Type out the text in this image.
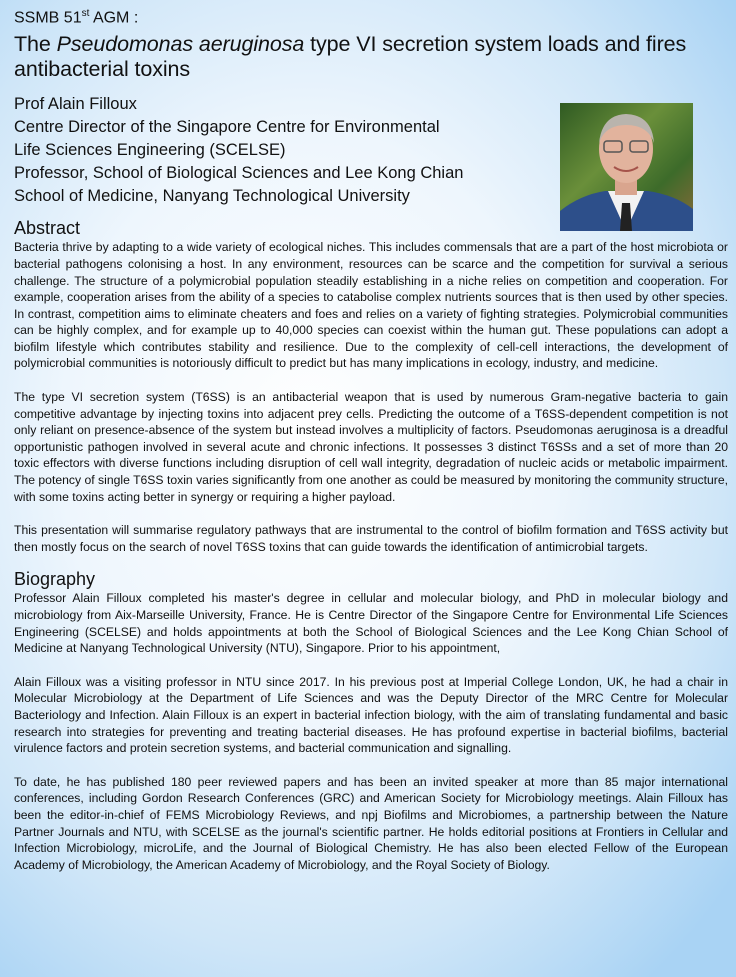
SSMB 51st AGM :
The Pseudomonas aeruginosa type VI secretion system loads and fires antibacterial toxins
Prof Alain Filloux
Centre Director of the Singapore Centre for Environmental
Life Sciences Engineering (SCELSE)
Professor, School of Biological Sciences and Lee Kong Chian
School of Medicine, Nanyang Technological University
Abstract

Bacteria thrive by adapting to a wide variety of ecological niches. This includes commensals that are a part of the host microbiota or bacterial pathogens colonising a host. In any environment, resources can be scarce and the competition for survival a serious challenge. The structure of a polymicrobial population steadily establishing in a niche relies on competition and cooperation. For example, cooperation arises from the ability of a species to catabolise complex nutrients sources that is then used by other species. In contrast, competition aims to eliminate cheaters and foes and relies on a variety of fighting strategies. Polymicrobial communities can be highly complex, and for example up to 40,000 species can coexist within the human gut. These populations can adopt a biofilm lifestyle which contributes stability and resilience. Due to the complexity of cell-cell interactions, the development of polymicrobial communities is notoriously difficult to predict but has many implications in ecology, industry, and medicine.

The type VI secretion system (T6SS) is an antibacterial weapon that is used by numerous Gram-negative bacteria to gain competitive advantage by injecting toxins into adjacent prey cells. Predicting the outcome of a T6SS-dependent competition is not only reliant on presence-absence of the system but instead involves a multiplicity of factors. Pseudomonas aeruginosa is a dreadful opportunistic pathogen involved in several acute and chronic infections. It possesses 3 distinct T6SSs and a set of more than 20 toxic effectors with diverse functions including disruption of cell wall integrity, degradation of nucleic acids or metabolic impairment. The potency of single T6SS toxin varies significantly from one another as could be measured by monitoring the community structure, with some toxins acting better in synergy or requiring a higher payload.

This presentation will summarise regulatory pathways that are instrumental to the control of biofilm formation and T6SS activity but then mostly focus on the search of novel T6SS toxins that can guide towards the identification of antimicrobial targets.

Biography

Professor Alain Filloux completed his master's degree in cellular and molecular biology, and PhD in molecular biology and microbiology from Aix-Marseille University, France. He is Centre Director of the Singapore Centre for Environmental Life Sciences Engineering (SCELSE) and holds appointments at both the School of Biological Sciences and the Lee Kong Chian School of Medicine at Nanyang Technological University (NTU), Singapore. Prior to his appointment,

Alain Filloux was a visiting professor in NTU since 2017. In his previous post at Imperial College London, UK, he had a chair in Molecular Microbiology at the Department of Life Sciences and was the Deputy Director of the MRC Centre for Molecular Bacteriology and Infection. Alain Filloux is an expert in bacterial infection biology, with the aim of translating fundamental and basic research into strategies for preventing and treating bacterial diseases. He has profound expertise in bacterial biofilms, bacterial virulence factors and protein secretion systems, and bacterial communication and signalling.

To date, he has published 180 peer reviewed papers and has been an invited speaker at more than 85 major international conferences, including Gordon Research Conferences (GRC) and American Society for Microbiology meetings. Alain Filloux has been the editor-in-chief of FEMS Microbiology Reviews, and npj Biofilms and Microbiomes, a partnership between the Nature Partner Journals and NTU, with SCELSE as the journal's scientific partner. He holds editorial positions at Frontiers in Cellular and Infection Microbiology, microLife, and the Journal of Biological Chemistry. He has also been elected Fellow of the European Academy of Microbiology, the American Academy of Microbiology, and the Royal Society of Biology.
